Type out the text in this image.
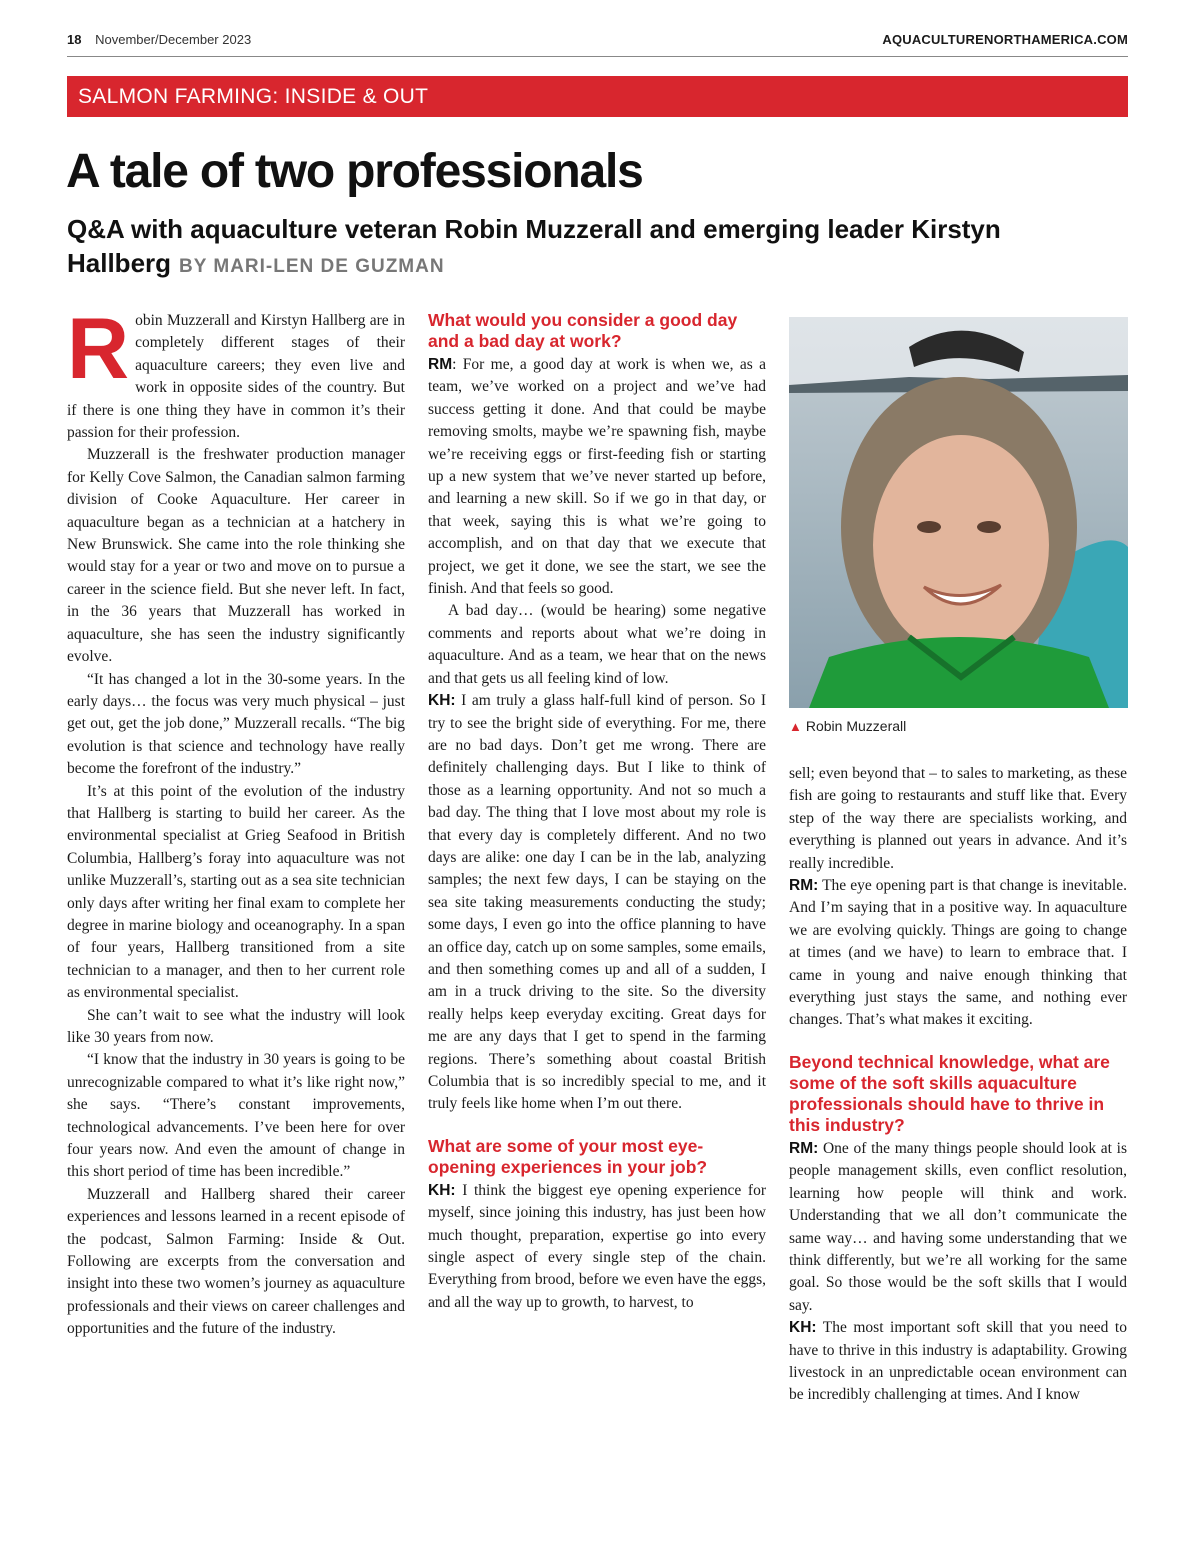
18 November/December 2023	AQUACULTURENORTHAMERICA.COM
SALMON FARMING: INSIDE & OUT
A tale of two professionals
Q&A with aquaculture veteran Robin Muzzerall and emerging leader Kirstyn Hallberg BY MARI-LEN DE GUZMAN

Robin Muzzerall and Kirstyn Hallberg are in completely different stages of their aquaculture careers; they even live and work in opposite sides of the country. But if there is one thing they have in common it’s their passion for their profession.

Muzzerall is the freshwater production manager for Kelly Cove Salmon, the Canadian salmon farming division of Cooke Aquaculture. Her career in aquaculture began as a technician at a hatchery in New Brunswick. She came into the role thinking she would stay for a year or two and move on to pursue a career in the science field. But she never left. In fact, in the 36 years that Muzzerall has worked in aquaculture, she has seen the industry significantly evolve.

“It has changed a lot in the 30-some years. In the early days… the focus was very much physical – just get out, get the job done,” Muzzerall recalls. “The big evolution is that science and technology have really become the forefront of the industry.”

It’s at this point of the evolution of the industry that Hallberg is starting to build her career. As the environmental specialist at Grieg Seafood in British Columbia, Hallberg’s foray into aquaculture was not unlike Muzzerall’s, starting out as a sea site technician only days after writing her final exam to complete her degree in marine biology and oceanography. In a span of four years, Hallberg transitioned from a site technician to a manager, and then to her current role as environmental specialist.

She can’t wait to see what the industry will look like 30 years from now.

“I know that the industry in 30 years is going to be unrecognizable compared to what it’s like right now,” she says. “There’s constant improvements, technological advancements. I’ve been here for over four years now. And even the amount of change in this short period of time has been incredible.”

Muzzerall and Hallberg shared their career experiences and lessons learned in a recent episode of the podcast, Salmon Farming: Inside & Out. Following are excerpts from the conversation and insight into these two women’s journey as aquaculture professionals and their views on career challenges and opportunities and the future of the industry.

What would you consider a good day and a bad day at work?

RM: For me, a good day at work is when we, as a team, we’ve worked on a project and we’ve had success getting it done. And that could be maybe removing smolts, maybe we’re spawning fish, maybe we’re receiving eggs or first-feeding fish or starting up a new system that we’ve never started up before, and learning a new skill. So if we go in that day, or that week, saying this is what we’re going to accomplish, and on that day that we execute that project, we get it done, we see the start, we see the finish. And that feels so good.

A bad day… (would be hearing) some negative comments and reports about what we’re doing in aquaculture. And as a team, we hear that on the news and that gets us all feeling kind of low.

KH: I am truly a glass half-full kind of person. So I try to see the bright side of everything. For me, there are no bad days. Don’t get me wrong. There are definitely challenging days. But I like to think of those as a learning opportunity. And not so much a bad day. The thing that I love most about my role is that every day is completely different. And no two days are alike: one day I can be in the lab, analyzing samples; the next few days, I can be staying on the sea site taking measurements conducting the study; some days, I even go into the office planning to have an office day, catch up on some samples, some emails, and then something comes up and all of a sudden, I am in a truck driving to the site. So the diversity really helps keep everyday exciting. Great days for me are any days that I get to spend in the farming regions. There’s something about coastal British Columbia that is so incredibly special to me, and it truly feels like home when I’m out there.

What are some of your most eye-opening experiences in your job?

KH: I think the biggest eye opening experience for myself, since joining this industry, has just been how much thought, preparation, expertise go into every single aspect of every single step of the chain. Everything from brood, before we even have the eggs, and all the way up to growth, to harvest, to

▲ Robin Muzzerall

sell; even beyond that – to sales to marketing, as these fish are going to restaurants and stuff like that. Every step of the way there are specialists working, and everything is planned out years in advance. And it’s really incredible.

RM: The eye opening part is that change is inevitable. And I’m saying that in a positive way. In aquaculture we are evolving quickly. Things are going to change at times (and we have) to learn to embrace that. I came in young and naive enough thinking that everything just stays the same, and nothing ever changes. That’s what makes it exciting.

Beyond technical knowledge, what are some of the soft skills aquaculture professionals should have to thrive in this industry?

RM: One of the many things people should look at is people management skills, even conflict resolution, learning how people will think and work. Understanding that we all don’t communicate the same way… and having some understanding that we think differently, but we’re all working for the same goal. So those would be the soft skills that I would say.

KH: The most important soft skill that you need to have to thrive in this industry is adaptability. Growing livestock in an unpredictable ocean environment can be incredibly challenging at times. And I know
